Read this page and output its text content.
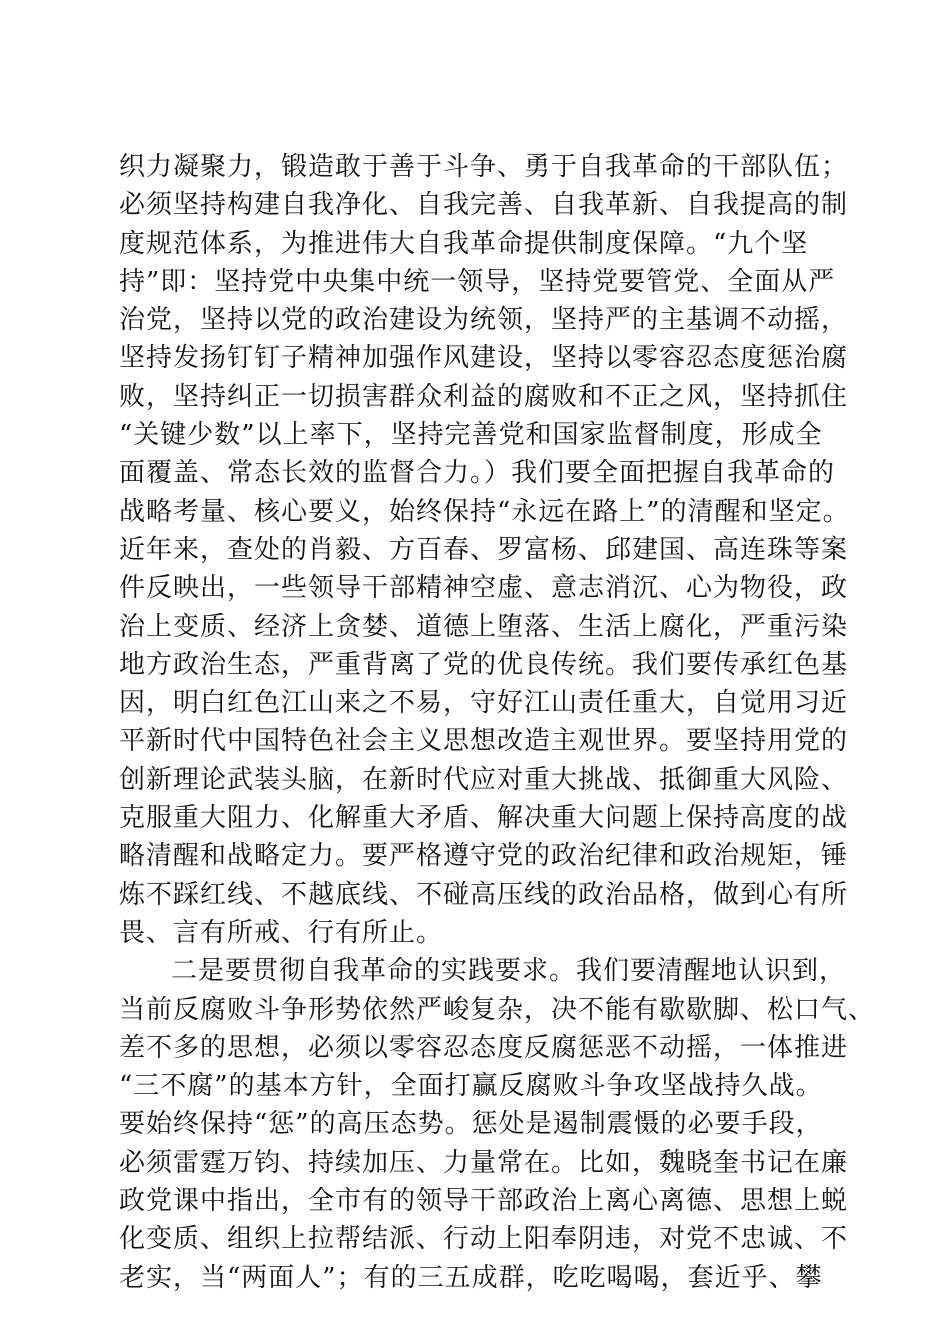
织力凝聚力，锻造敢于善于斗争、勇于自我革命的干部队伍；
必须坚持构建自我净化、自我完善、自我革新、自我提高的制
度规范体系，为推进伟大自我革命提供制度保障。“九个坚
持”即：坚持党中央集中统一领导，坚持党要管党、全面从严
治党，坚持以党的政治建设为统领，坚持严的主基调不动摇，
坚持发扬钉钉子精神加强作风建设，坚持以零容忍态度惩治腐
败，坚持纠正一切损害群众利益的腐败和不正之风，坚持抓住
“关键少数”以上率下，坚持完善党和国家监督制度，形成全
面覆盖、常态长效的监督合力。）我们要全面把握自我革命的
战略考量、核心要义，始终保持“永远在路上”的清醒和坚定。
近年来，查处的肖毅、方百春、罗富杨、邱建国、高连珠等案
件反映出，一些领导干部精神空虚、意志消沉、心为物役，政
治上变质、经济上贪婪、道德上堕落、生活上腐化，严重污染
地方政治生态，严重背离了党的优良传统。我们要传承红色基
因，明白红色江山来之不易，守好江山责任重大，自觉用习近
平新时代中国特色社会主义思想改造主观世界。要坚持用党的
创新理论武装头脑，在新时代应对重大挑战、抵御重大风险、
克服重大阻力、化解重大矛盾、解决重大问题上保持高度的战
略清醒和战略定力。要严格遵守党的政治纪律和政治规矩，锤
炼不踩红线、不越底线、不碰高压线的政治品格，做到心有所
畏、言有所戒、行有所止。
二是要贯彻自我革命的实践要求。我们要清醒地认识到，
当前反腐败斗争形势依然严峻复杂，决不能有歇歇脚、松口气、
差不多的思想，必须以零容忍态度反腐惩恶不动摇，一体推进
“三不腐”的基本方针，全面打赢反腐败斗争攻坚战持久战。
要始终保持“惩”的高压态势。惩处是遏制震慑的必要手段，
必须雷霆万钧、持续加压、力量常在。比如，魏晓奎书记在廉
政党课中指出，全市有的领导干部政治上离心离德、思想上蜕
化变质、组织上拉帮结派、行动上阳奉阴违，对党不忠诚、不
老实，当“两面人”；有的三五成群，吃吃喝喝，套近乎、攀
